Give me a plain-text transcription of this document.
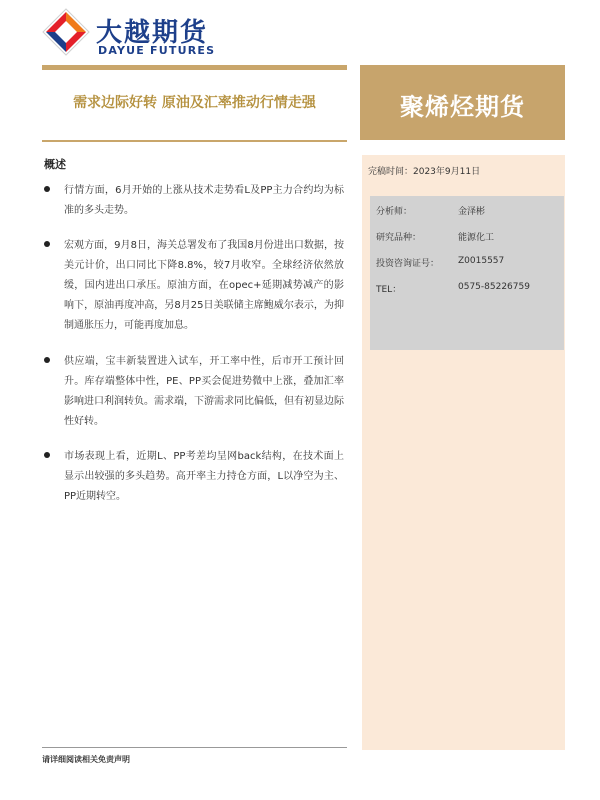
大越期货
DAYUE FUTURES
需求边际好转 原油及汇率推动行情走强	聚烯烃期货
完稿时间：2023年9月11日
分析师：	金泽彬
研究品种：	能源化工
投资咨询证号： Z0015557
TEL：	0575-85226759
概述
行情方面，6月开始的上涨从技术走势看L及PP主力合约均为标准的多头走势。
宏观方面，9月8日，海关总署发布了我国8月份进出口数据，按美元计价，出口同比下降8.8%，较7月收窄。全球经济依然放缓，国内进出口承压。原油方面，在opec+延期减势减产的影响下，原油再度冲高，另8月25日美联储主席鲍威尔表示，为抑制通胀压力，可能再度加息。
供应端，宝丰新装置进入试车，开工率中性，后市开工预计回升。库存端整体中性，PE、PP买会促进势微中上涨，叠加汇率影响进口利润转负。需求端，下游需求同比偏低，但有初显边际性好转。
市场表现上看，近期L、PP考差均呈网back结构，在技术面上显示出较强的多头趋势。高开率主力持仓方面，L以净空为主、PP近期转空。
请详细阅读相关免责声明
